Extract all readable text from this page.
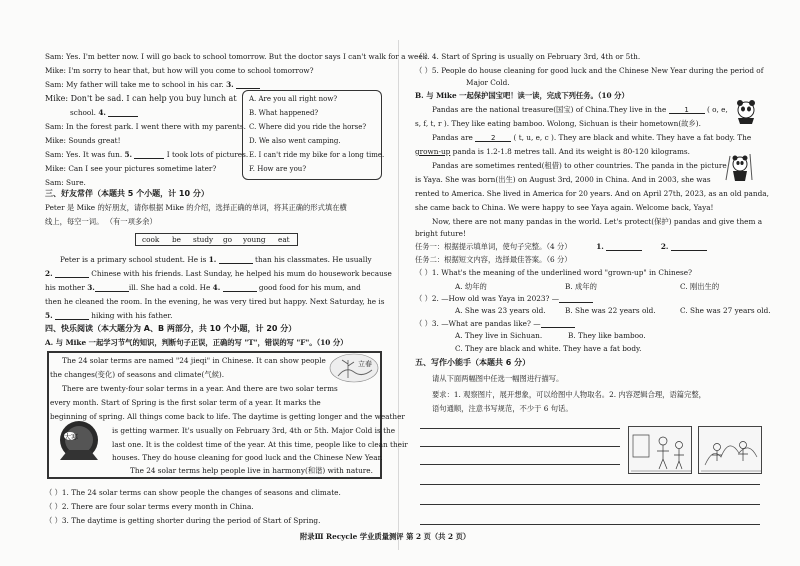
Sam: Yes. I'm better now. I will go back to school tomorrow. But the doctor says I can't walk for a week.
Mike: I'm sorry to hear that, but how will you come to school tomorrow?
Sam: My father will take me to school in his car. 3.
Mike: Don't be sad. I can help you buy lunch at
school. 4.
Sam: In the forest park. I went there with my parents.
Mike: Sounds great!
Sam: Yes. It was fun. 5.	I took lots of pictures.
Mike: Can I see your pictures sometime later?
Sam: Sure.
A. Are you all right now?
B. What happened?
C. Where did you ride the horse?
D. We also went camping.
E. I can't ride my bike for a long time.
F. How are you?
三、好友常伴（本题共 5 个小题，计 10 分）
Peter 是 Mike 的好朋友，请你根据 Mike 的介绍，选择正确的单词，将其正确的形式填在横
线上，每空一词。 （有一项多余）
cook be study go young eat
Peter is a primary school student. He is 1.	than his classmates. He usually
2.	Chinese with his friends. Last Sunday, he helped his mum do housework because
his mother 3.	ill. She had a cold. He 4.	good food for his mum, and
then he cleaned the room. In the evening, he was very tired but happy. Next Saturday, he is
5.	hiking with his father.
四、快乐阅读（本大题分为 A、B 两部分，共 10 个小题，计 20 分）
A. 与 Mike 一起学习节气的知识，判断句子正误，正确的写 "T"，错误的写 "F"。（10 分）
The 24 solar terms are named "24 jieqi" in Chinese. It can show people
the changes(变化) of seasons and climate(气候).
There are twenty-four solar terms in a year. And there are two solar terms
every month. Start of Spring is the first solar term of a year. It marks the
beginning of spring. All things come back to life. The daytime is getting longer and the weather
is getting warmer. It's usually on February 3rd, 4th or 5th. Major Cold is the
last one. It is the coldest time of the year. At this time, people like to clean their
houses. They do house cleaning for good luck and the Chinese New Year.
The 24 solar terms help people live in harmony(和谐) with nature.
立春
大寒
（ ）1. The 24 solar terms can show people the changes of seasons and climate.
（ ）2. There are four solar terms every month in China.
（ ）3. The daytime is getting shorter during the period of Start of Spring.
（ ）4. Start of Spring is usually on February 3rd, 4th or 5th.
（ ）5. People do house cleaning for good luck and the Chinese New Year during the period of
Major Cold.
B. 与 Mike 一起保护国宝吧！读一读，完成下列任务。（10 分）
Pandas are the national treasure(国宝) of China.They live in the	1 ( o, e,
s, f, t, r ). They like eating bamboo. Wolong, Sichuan is their hometown(故乡).
Pandas are	2 ( t, u, e, c ). They are black and white. They have a fat body. The
grown-up panda is 1.2-1.8 metres tall. And its weight is 80-120 kilograms.
Pandas are sometimes rented(租借) to other countries. The panda in the picture
is Yaya. She was born(出生) on August 3rd, 2000 in China. And in 2003, she was
rented to America. She lived in America for 20 years. And on April 27th, 2023, as an old panda,
she came back to China. We were happy to see Yaya again. Welcome back, Yaya!
Now, there are not many pandas in the world. Let's protect(保护) pandas and give them a
bright future!
任务一：根据提示填单词，使句子完整。（4 分）	1.	2.
任务二：根据短文内容，选择最佳答案。（6 分）
（ ）1. What's the meaning of the underlined word "grown-up" in Chinese?
A. 幼年的	B. 成年的	C. 刚出生的
（ ）2. —How old was Yaya in 2023? —
A. She was 23 years old.	B. She was 22 years old.	C. She was 27 years old.
（ ）3. —What are pandas like? —
A. They live in Sichuan.	B. They like bamboo.
C. They are black and white. They have a fat body.
五、写作小能手（本题共 6 分）
请从下面两幅图中任选一幅图进行描写。
要求：1. 观察图片，展开想象，可以给图中人物取名。2. 内容逻辑合理，语篇完整，
语句通顺，注意书写规范，不少于 6 句话。
附录Ⅲ Recycle 学业质量测评 第 2 页（共 2 页）
